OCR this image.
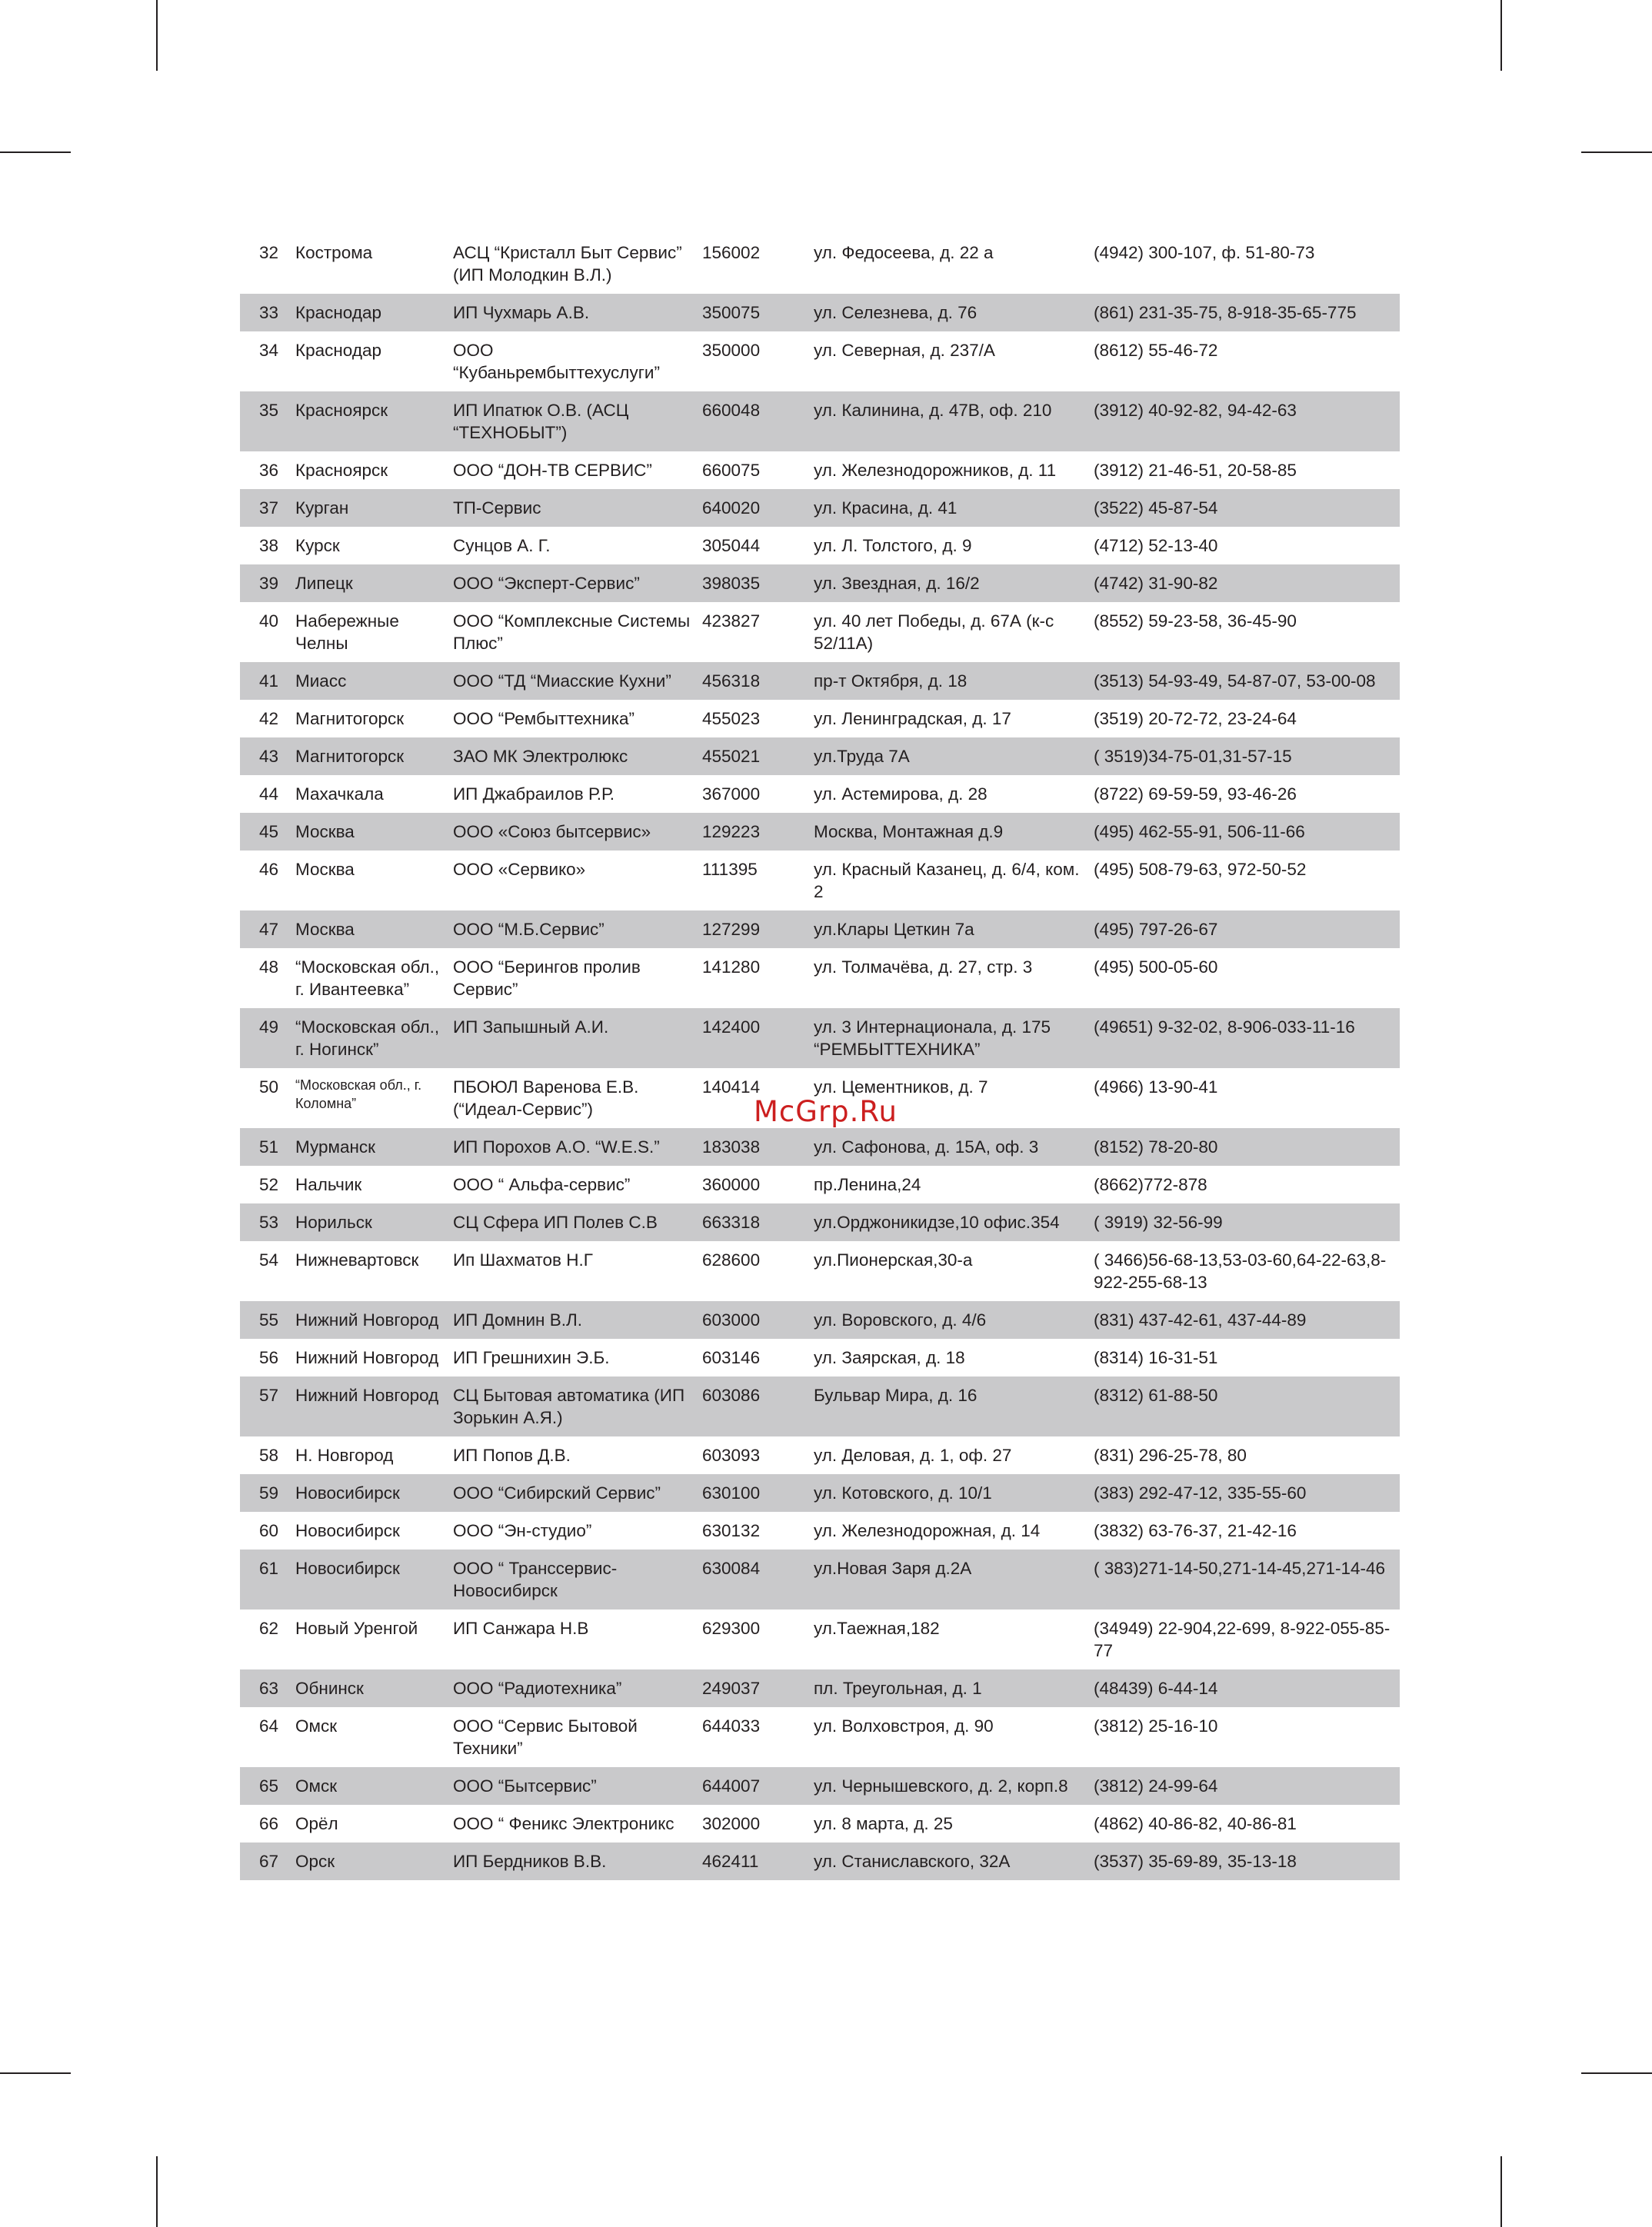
32	Кострома	АСЦ “Кристалл Быт Сервис” (ИП Молодкин В.Л.)	156002	ул. Федосеева, д. 22 а	(4942) 300-107, ф. 51-80-73
33	Краснодар	ИП Чухмарь А.В.	350075	ул. Селезнева, д. 76	(861) 231-35-75, 8-918-35-65-775
34	Краснодар	ООО “Кубаньрембыттехуслуги”	350000	ул. Северная, д. 237/А	(8612) 55-46-72
35	Красноярск	ИП Ипатюк О.В. (АСЦ “ТЕХНОБЫТ”)	660048	ул. Калинина, д. 47В, оф. 210	(3912) 40-92-82, 94-42-63
36	Красноярск	ООО “ДОН-ТВ СЕРВИС”	660075	ул. Железнодорожников, д. 11	(3912) 21-46-51, 20-58-85
37	Курган	ТП-Сервис	640020	ул. Красина, д. 41	(3522) 45-87-54
38	Курск	Сунцов А. Г.	305044	ул. Л. Толстого, д. 9	(4712) 52-13-40
39	Липецк	ООО “Эксперт-Сервис”	398035	ул. Звездная, д. 16/2	(4742) 31-90-82
40	Набережные Челны	ООО “Комплексные Системы Плюс”	423827	ул. 40 лет Победы, д. 67А (к-с 52/11А)	(8552) 59-23-58, 36-45-90
41	Миасс	ООО “ТД “Миасские Кухни”	456318	пр-т Октября, д. 18	(3513) 54-93-49, 54-87-07, 53-00-08
42	Магнитогорск	ООО “Рембыттехника”	455023	ул. Ленинградская, д. 17	(3519) 20-72-72, 23-24-64
43	Магнитогорск	ЗАО МК Электролюкс	455021	ул.Труда 7А	( 3519)34-75-01,31-57-15
44	Махачкала	ИП Джабраилов Р.Р.	367000	ул. Астемирова, д. 28	(8722) 69-59-59, 93-46-26
45	Москва	ООО «Союз бытсервис»	129223	Москва, Монтажная д.9	(495) 462-55-91, 506-11-66
46	Москва	ООО «Сервико»	111395	ул. Красный Казанец, д. 6/4, ком. 2	(495) 508-79-63, 972-50-52
47	Москва	ООО “М.Б.Сервис”	127299	ул.Клары Цеткин 7а	(495) 797-26-67
48	“Московская обл., г. Ивантеевка”	ООО “Берингов пролив Сервис”	141280	ул. Толмачёва, д. 27, стр. 3	(495) 500-05-60
49	“Московская обл., г. Ногинск”	ИП Запышный А.И.	142400	ул. 3 Интернационала, д. 175 “РЕМБЫТТЕХНИКА”	(49651) 9-32-02, 8-906-033-11-16
50	“Московская обл., г. Коломна”	ПБОЮЛ Варенова Е.В. (“Идеал-Сервис”)	140414	ул. Цементников, д. 7	(4966) 13-90-41
51	Мурманск	ИП Порохов А.О. “W.E.S.”	183038	ул. Сафонова, д. 15А, оф. 3	(8152) 78-20-80
52	Нальчик	ООО “ Альфа-сервис”	360000	пр.Ленина,24	(8662)772-878
53	Норильск	СЦ Сфера ИП Полев С.В	663318	ул.Орджоникидзе,10 офис.354	( 3919) 32-56-99
54	Нижневартовск	Ип Шахматов Н.Г	628600	ул.Пионерская,30-а	( 3466)56-68-13,53-03-60,64-22-63,8-922-255-68-13
55	Нижний Новгород	ИП Домнин В.Л.	603000	ул. Воровского, д. 4/6	(831) 437-42-61, 437-44-89
56	Нижний Новгород	ИП Грешнихин Э.Б.	603146	ул. Заярская, д. 18	(8314) 16-31-51
57	Нижний Новгород	СЦ Бытовая автоматика (ИП Зорькин А.Я.)	603086	Бульвар Мира, д. 16	(8312) 61-88-50
58	Н. Новгород	ИП Попов Д.В.	603093	ул. Деловая, д. 1, оф. 27	(831) 296-25-78, 80
59	Новосибирск	ООО “Сибирский Сервис”	630100	ул. Котовского, д. 10/1	(383) 292-47-12, 335-55-60
60	Новосибирск	ООО “Эн-студио”	630132	ул. Железнодорожная, д. 14	(3832) 63-76-37, 21-42-16
61	Новосибирск	ООО “ Транссервис-Новосибирск	630084	ул.Новая Заря д.2А	( 383)271-14-50,271-14-45,271-14-46
62	Новый Уренгой	ИП Санжара Н.В	629300	ул.Таежная,182	(34949) 22-904,22-699, 8-922-055-85- 77
63	Обнинск	ООО “Радиотехника”	249037	пл. Треугольная, д. 1	(48439) 6-44-14
64	Омск	ООО “Сервис Бытовой Техники”	644033	ул. Волховстроя, д. 90	(3812) 25-16-10
65	Омск	ООО “Бытсервис”	644007	ул. Чернышевского, д. 2, корп.8	(3812) 24-99-64
66	Орёл	ООО “ Феникс Электроникс	302000	ул. 8 марта, д. 25	(4862) 40-86-82, 40-86-81
67	Орск	ИП Бердников В.В.	462411	ул. Станиславского, 32А	(3537) 35-69-89, 35-13-18
McGrp.Ru
